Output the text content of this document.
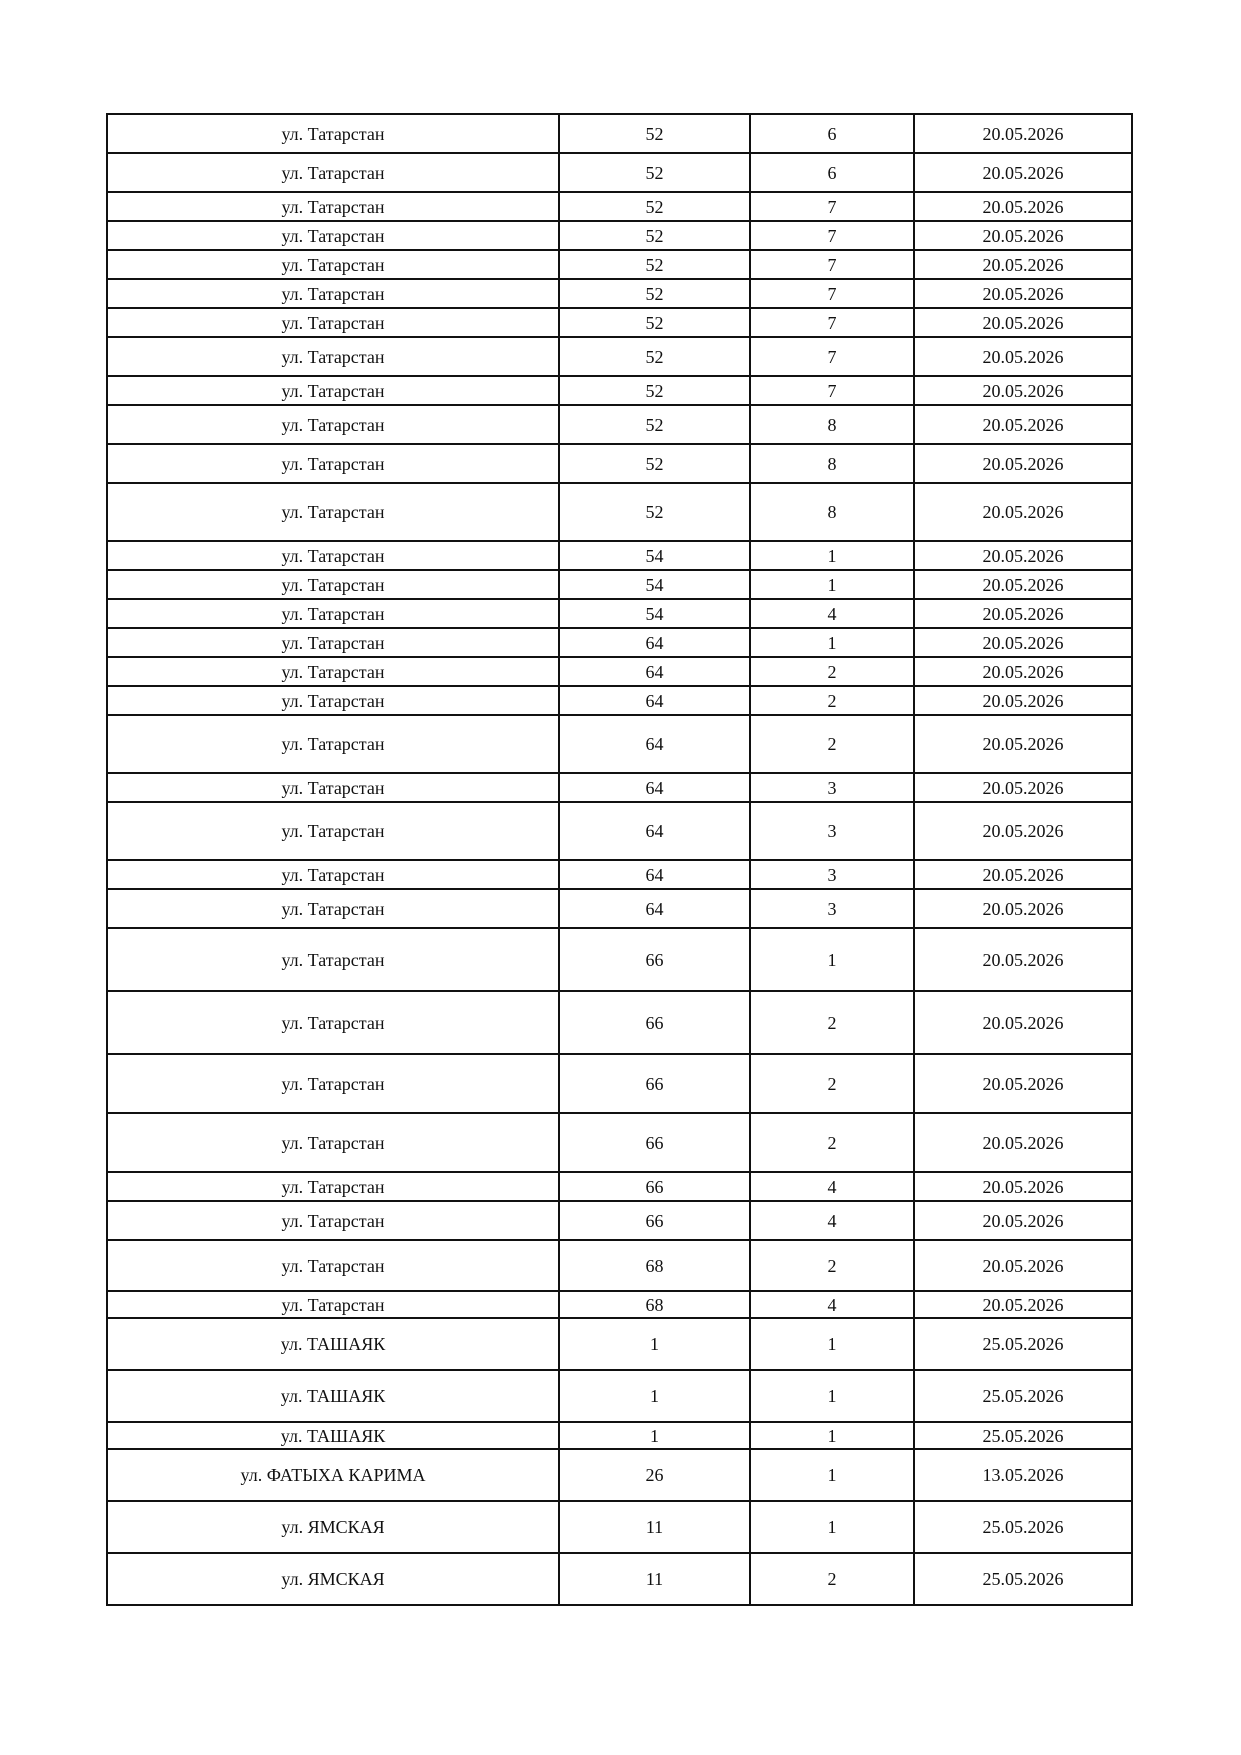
ул. Татарстан	52	6	20.05.2026
ул. Татарстан	52	6	20.05.2026
ул. Татарстан	52	7	20.05.2026
ул. Татарстан	52	7	20.05.2026
ул. Татарстан	52	7	20.05.2026
ул. Татарстан	52	7	20.05.2026
ул. Татарстан	52	7	20.05.2026
ул. Татарстан	52	7	20.05.2026
ул. Татарстан	52	7	20.05.2026
ул. Татарстан	52	8	20.05.2026
ул. Татарстан	52	8	20.05.2026
ул. Татарстан	52	8	20.05.2026
ул. Татарстан	54	1	20.05.2026
ул. Татарстан	54	1	20.05.2026
ул. Татарстан	54	4	20.05.2026
ул. Татарстан	64	1	20.05.2026
ул. Татарстан	64	2	20.05.2026
ул. Татарстан	64	2	20.05.2026
ул. Татарстан	64	2	20.05.2026
ул. Татарстан	64	3	20.05.2026
ул. Татарстан	64	3	20.05.2026
ул. Татарстан	64	3	20.05.2026
ул. Татарстан	64	3	20.05.2026
ул. Татарстан	66	1	20.05.2026
ул. Татарстан	66	2	20.05.2026
ул. Татарстан	66	2	20.05.2026
ул. Татарстан	66	2	20.05.2026
ул. Татарстан	66	4	20.05.2026
ул. Татарстан	66	4	20.05.2026
ул. Татарстан	68	2	20.05.2026
ул. Татарстан	68	4	20.05.2026
ул. ТАШАЯК	1	1	25.05.2026
ул. ТАШАЯК	1	1	25.05.2026
ул. ТАШАЯК	1	1	25.05.2026
ул. ФАТЫХА КАРИМА	26	1	13.05.2026
ул. ЯМСКАЯ	11	1	25.05.2026
ул. ЯМСКАЯ	11	2	25.05.2026
